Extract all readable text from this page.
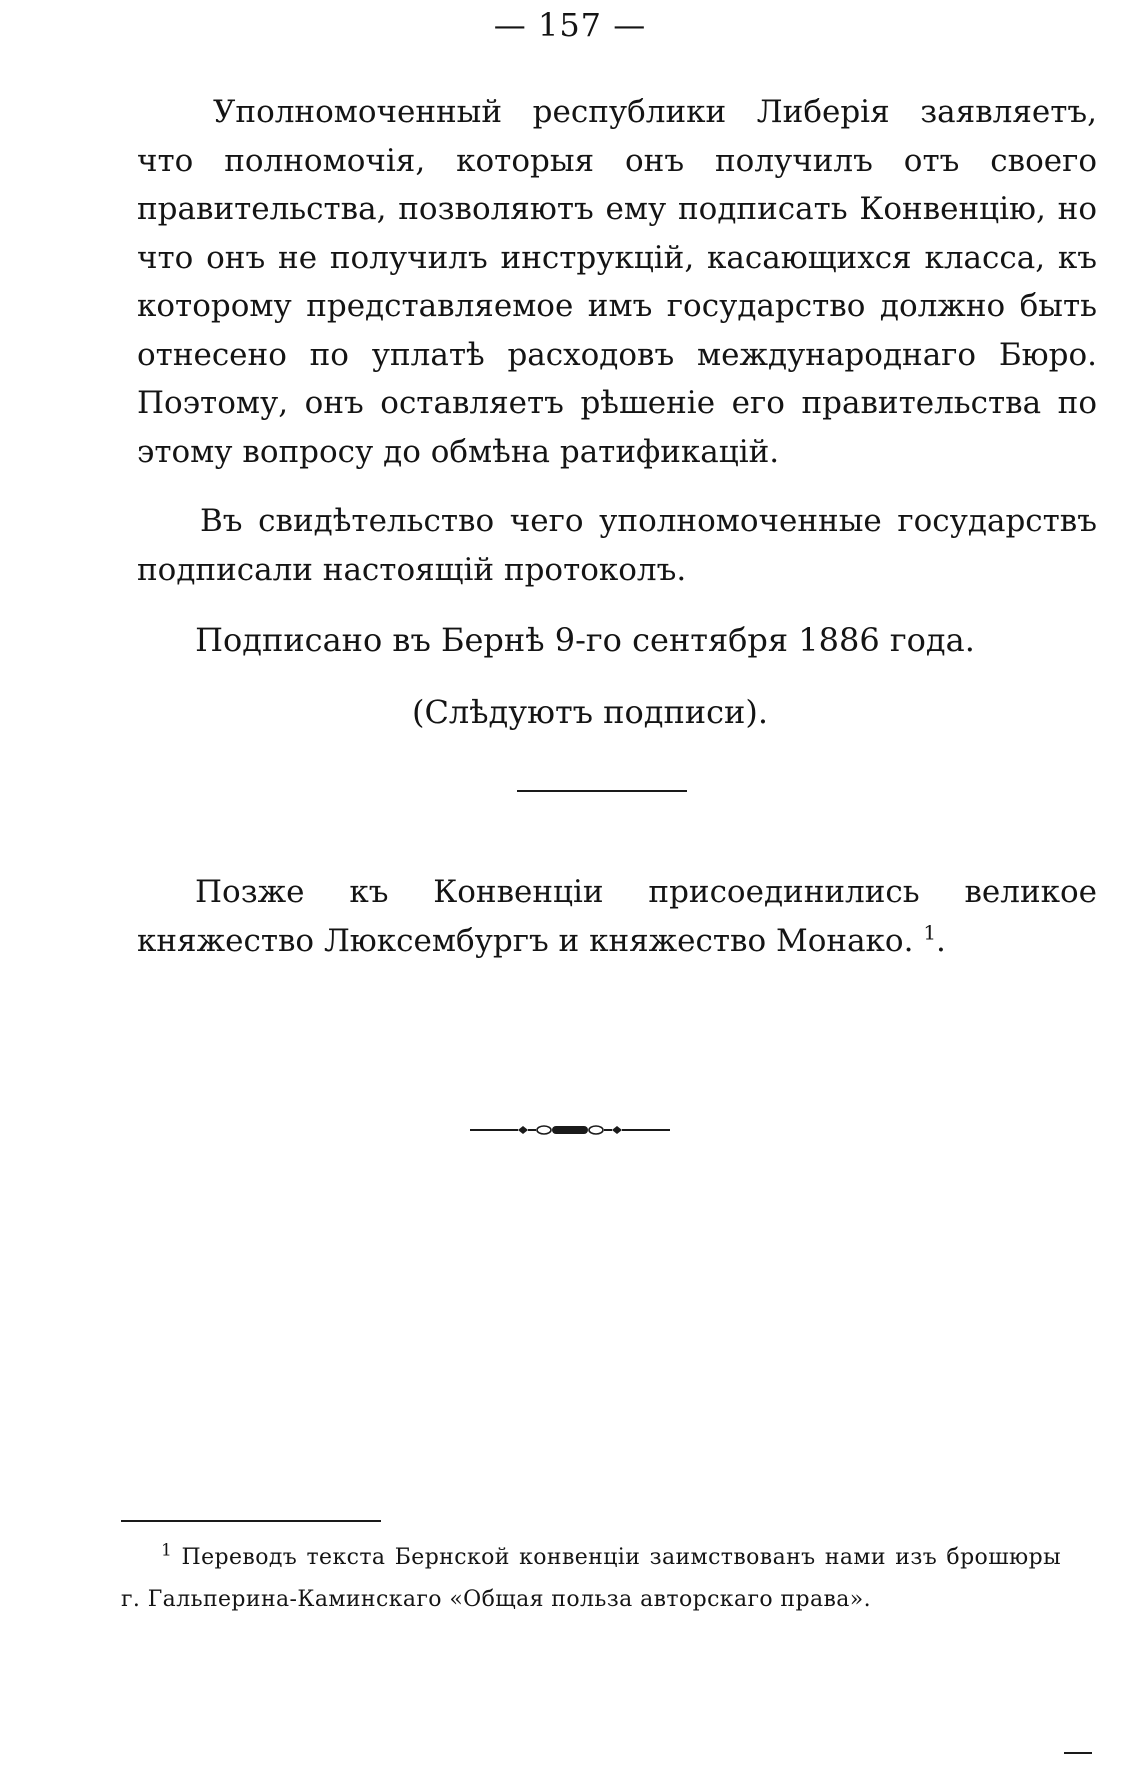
— 157 —

Уполномоченный республики Либерія заявляетъ, что полномочія, которыя онъ получилъ отъ своего правительства, позволяютъ ему подписать Конвенцію, но что онъ не получилъ инструкцій, касающихся класса, къ которому представляемое имъ государство должно быть отнесено по уплатѣ расходовъ международнаго Бюро. Поэтому, онъ оставляетъ рѣшеніе его правительства по этому вопросу до обмѣна ратификацій.

Въ свидѣтельство чего уполномоченные государствъ подписали настоящій протоколъ.

Подписано въ Бернѣ 9-го сентября 1886 года.

(Слѣдуютъ подписи).

Позже къ Конвенціи присоединились великое княжество Люксембургъ и княжество Монако. $^1$.

$^1$ Переводъ текста Бернской конвенціи заимствованъ нами изъ брошюры г. Гальперина-Каминскаго «Общая польза авторскаго права».
